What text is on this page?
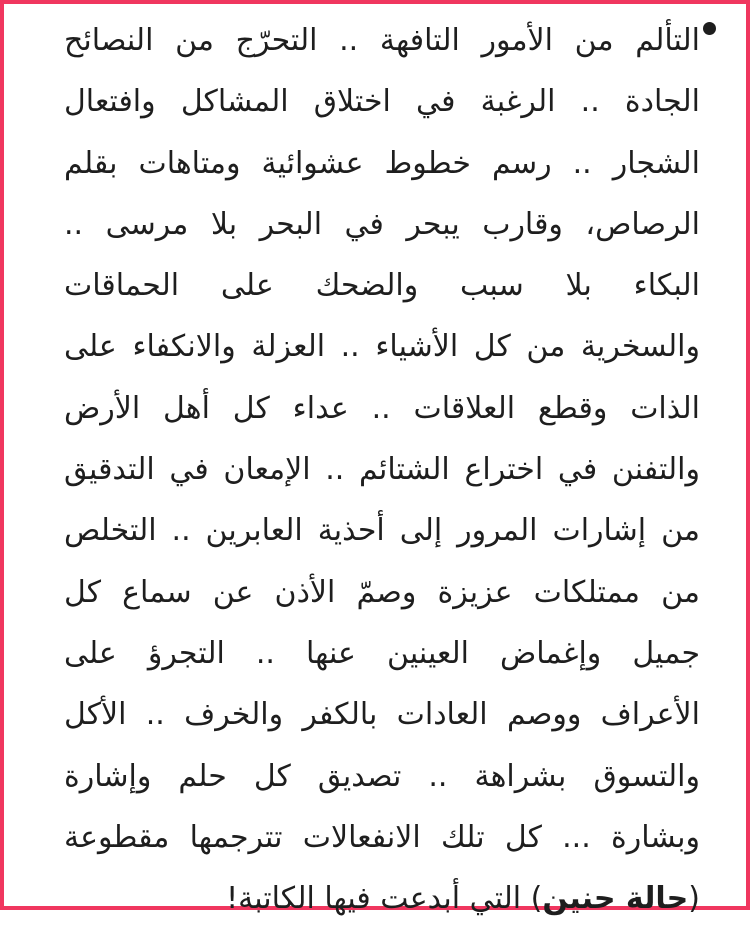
التألم من الأمور التافهة .. التحرّج من النصائح
الجادة .. الرغبة في اختلاق المشاكل وافتعال
الشجار .. رسم خطوط عشوائية ومتاهات بقلم
الرصاص، وقارب يبحر في البحر بلا مرسى ..
البكاء بلا سبب والضحك على الحماقات
والسخرية من كل الأشياء .. العزلة والانكفاء على
الذات وقطع العلاقات .. عداء كل أهل الأرض
والتفنن في اختراع الشتائم .. الإمعان في التدقيق
من إشارات المرور إلى أحذية العابرين .. التخلص
من ممتلكات عزيزة وصمّ الأذن عن سماع كل
جميل وإغماض العينين عنها .. التجرؤ على
الأعراف ووصم العادات بالكفر والخرف .. الأكل
والتسوق بشراهة .. تصديق كل حلم وإشارة
وبشارة ... كل تلك الانفعالات تترجمها مقطوعة
(حالة حنين) التي أبدعت فيها الكاتبة!
